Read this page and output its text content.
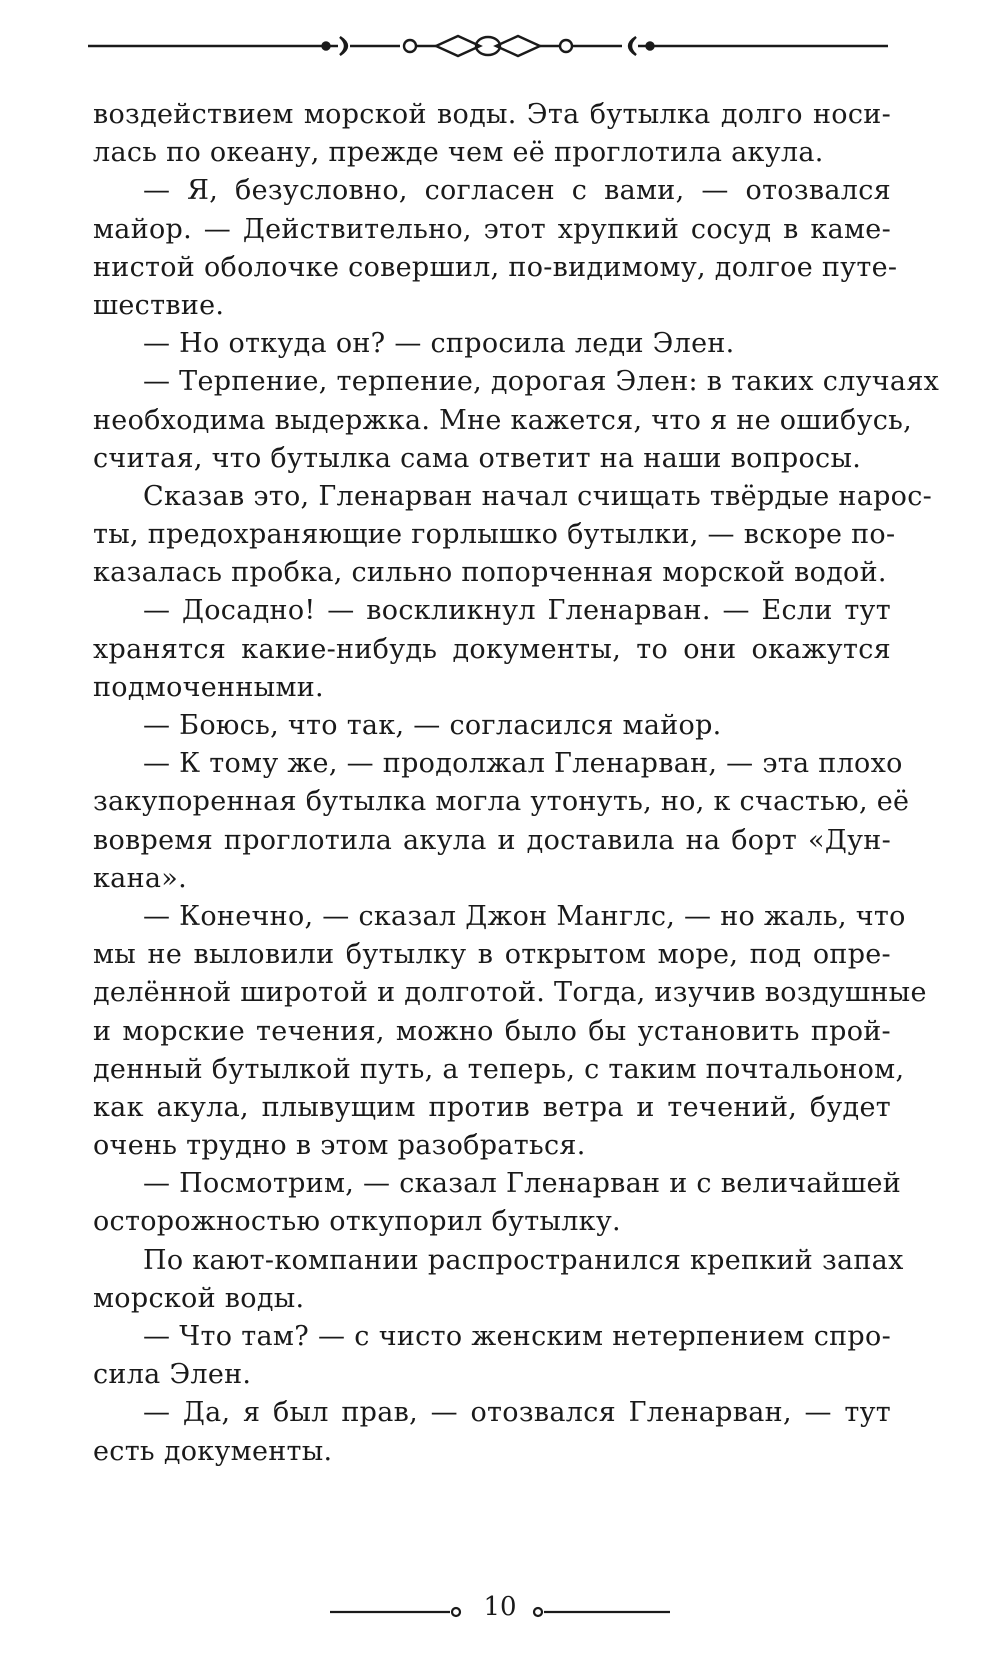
воздействием морской воды. Эта бутылка долго носи-
лась по океану, прежде чем её проглотила акула.
— Я, безусловно, согласен с вами, — отозвался
майор. — Действительно, этот хрупкий сосуд в каме-
нистой оболочке совершил, по-видимому, долгое путе-
шествие.
— Но откуда он? — спросила леди Элен.
— Терпение, терпение, дорогая Элен: в таких случаях
необходима выдержка. Мне кажется, что я не ошибусь,
считая, что бутылка сама ответит на наши вопросы.
Сказав это, Гленарван начал счищать твёрдые нарос-
ты, предохраняющие горлышко бутылки, — вскоре по-
казалась пробка, сильно попорченная морской водой.
— Досадно! — воскликнул Гленарван. — Если тут
хранятся какие-нибудь документы, то они окажутся
подмоченными.
— Боюсь, что так, — согласился майор.
— К тому же, — продолжал Гленарван, — эта плохо
закупоренная бутылка могла утонуть, но, к счастью, её
вовремя проглотила акула и доставила на борт «Дун-
кана».
— Конечно, — сказал Джон Манглс, — но жаль, что
мы не выловили бутылку в открытом море, под опре-
делённой широтой и долготой. Тогда, изучив воздушные
и морские течения, можно было бы установить прой-
денный бутылкой путь, а теперь, с таким почтальоном,
как акула, плывущим против ветра и течений, будет
очень трудно в этом разобраться.
— Посмотрим, — сказал Гленарван и с величайшей
осторожностью откупорил бутылку.
По кают-компании распространился крепкий запах
морской воды.
— Что там? — с чисто женским нетерпением спро-
сила Элен.
— Да, я был прав, — отозвался Гленарван, — тут
есть документы.
10
